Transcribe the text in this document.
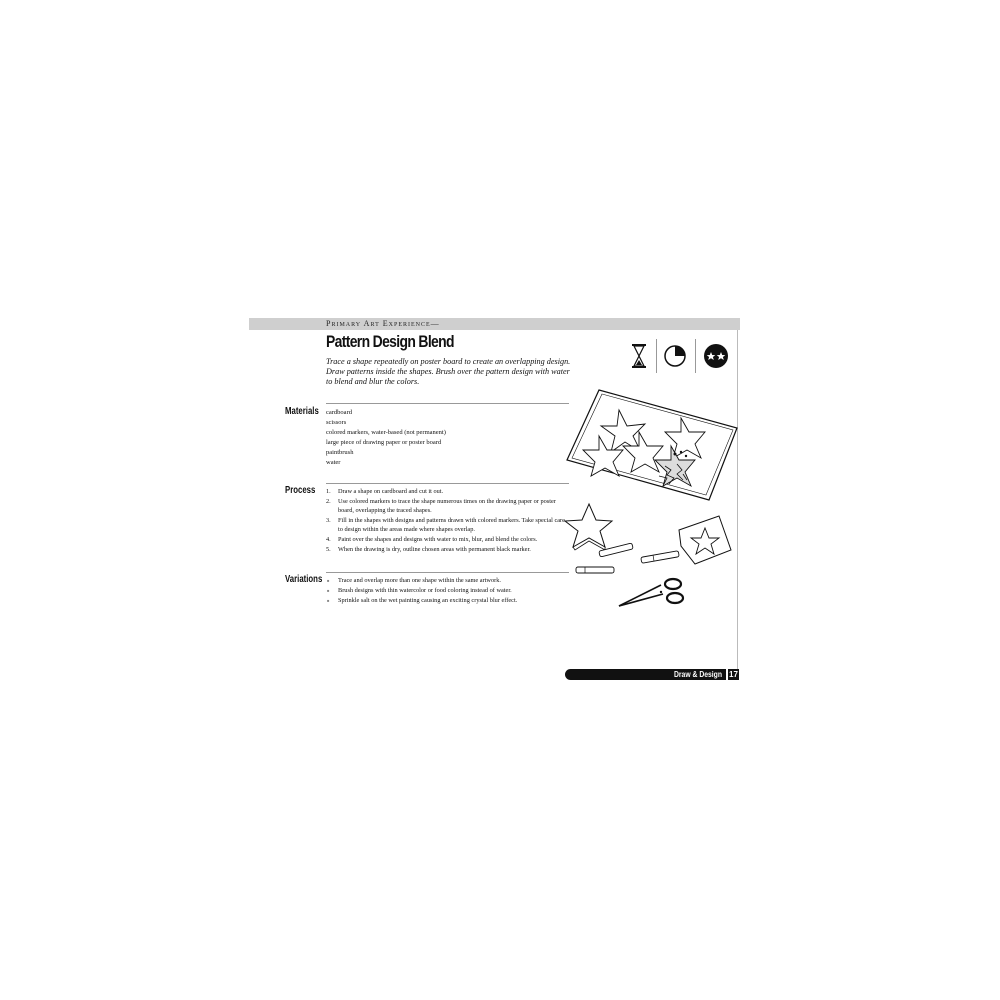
Primary Art Experience—
Pattern Design Blend
Trace a shape repeatedly on poster board to create an overlapping design. Draw patterns inside the shapes. Brush over the pattern design with water to blend and blur the colors.
Materials cardboard
scissors
colored markers, water-based (not permanent)
large piece of drawing paper or poster board
paintbrush
water
Process 1. Draw a shape on cardboard and cut it out.
2. Use colored markers to trace the shape numerous times on the drawing paper or poster board, overlapping the traced shapes.
3. Fill in the shapes with designs and patterns drawn with colored markers. Take special care to design within the areas made where shapes overlap.
4. Paint over the shapes and designs with water to mix, blur, and blend the colors.
5. When the drawing is dry, outline chosen areas with permanent black marker.
Variations
■	Trace and overlap more than one shape within the same artwork.
■ Brush designs with thin watercolor or food coloring instead of water.
■ Sprinkle salt on the wet painting causing an exciting crystal blur effect.
Draw & Design 17
